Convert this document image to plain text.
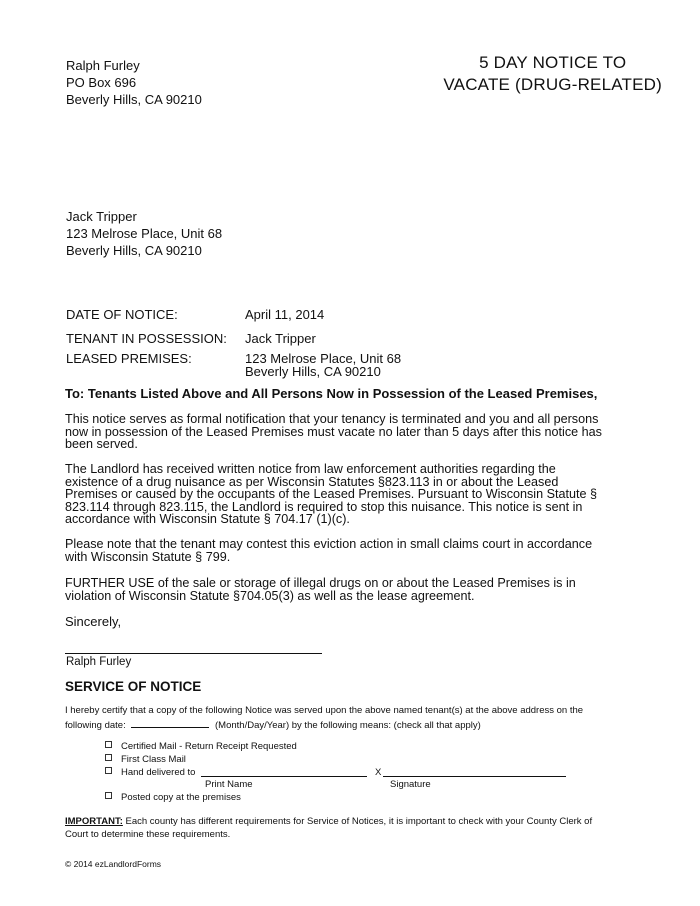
Ralph Furley
PO Box 696
Beverly Hills, CA 90210
5 DAY NOTICE TO
VACATE (DRUG-RELATED)
Jack Tripper
123 Melrose Place, Unit 68
Beverly Hills, CA 90210
DATE OF NOTICE:	April 11, 2014
TENANT IN POSSESSION: Jack Tripper
LEASED PREMISES:	123 Melrose Place, Unit 68
Beverly Hills, CA 90210
To: Tenants Listed Above and All Persons Now in Possession of the Leased Premises,
This notice serves as formal notification that your tenancy is terminated and you and all persons
now in possession of the Leased Premises must vacate no later than 5 days after this notice has
been served.
The Landlord has received written notice from law enforcement authorities regarding the
existence of a drug nuisance as per Wisconsin Statutes §823.113 in or about the Leased
Premises or caused by the occupants of the Leased Premises. Pursuant to Wisconsin Statute §
823.114 through 823.115, the Landlord is required to stop this nuisance. This notice is sent in
accordance with Wisconsin Statute § 704.17 (1)(c).
Please note that the tenant may contest this eviction action in small claims court in accordance
with Wisconsin Statute § 799.
FURTHER USE of the sale or storage of illegal drugs on or about the Leased Premises is in
violation of Wisconsin Statute §704.05(3) as well as the lease agreement.
Sincerely,
Ralph Furley
SERVICE OF NOTICE
I hereby certify that a copy of the following Notice was served upon the above named tenant(s) at the above address on the
following date:	(Month/Day/Year) by the following means: (check all that apply)
Certified Mail - Return Receipt Requested
First Class Mail
Hand delivered to	X
Print Name	Signature
Posted copy at the premises
IMPORTANT: Each county has different requirements for Service of Notices, it is important to check with your County Clerk of
Court to determine these requirements.
© 2014 ezLandlordForms
